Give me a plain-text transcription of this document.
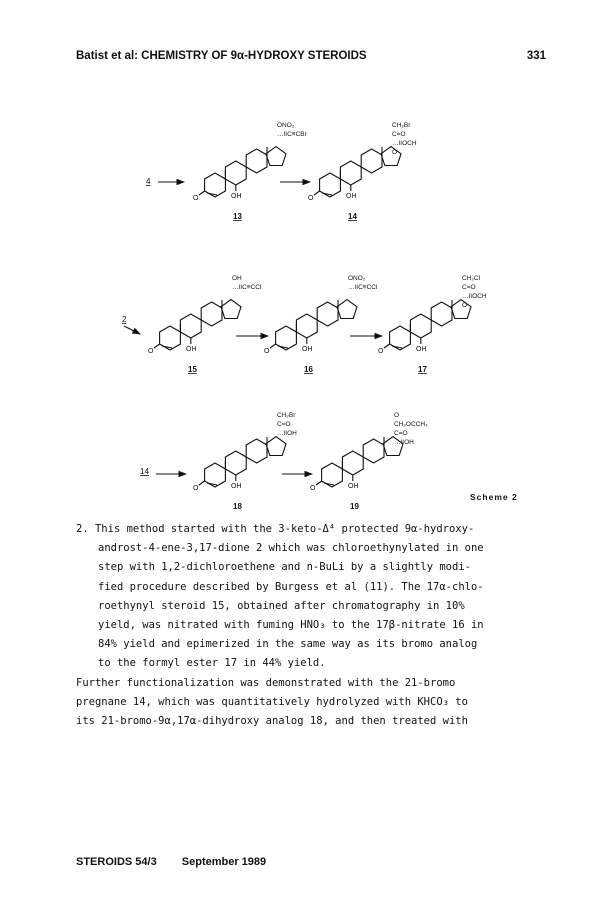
Batist et al: CHEMISTRY OF 9α-HYDROXY STEROIDS	331
4
O	OH
ONO₂
…IIC≡CBr
13
O	OH
CH₂Br
C=O
…IIOCH
O
14
2
O	OH
OH
…IIC≡CCl
15
O	OH
ONO₂
…IIC≡CCl
16
O	OH
CH₂Cl
C=O
…IIOCH
O
17
14
O	OH
CH₂Br
C=O
…IIOH
18
O	OH
O
CH₂OCCH₃
C=O
…IIOH
19
Scheme 2
2. This method started with the 3-keto-Δ⁴ protected 9α-hydroxy-
androst-4-ene-3,17-dione 2 which was chloroethynylated in one
step with 1,2-dichloroethene and n-BuLi by a slightly modi-
fied procedure described by Burgess et al (11). The 17α-chlo-
roethynyl steroid 15, obtained after chromatography in 10%
yield, was nitrated with fuming HNO₃ to the 17β-nitrate 16 in
84% yield and epimerized in the same way as its bromo analog
to the formyl ester 17 in 44% yield.
Further functionalization was demonstrated with the 21-bromo
pregnane 14, which was quantitatively hydrolyzed with KHCO₃ to
its 21-bromo-9α,17α-dihydroxy analog 18, and then treated with
STEROIDS 54/3 September 1989
